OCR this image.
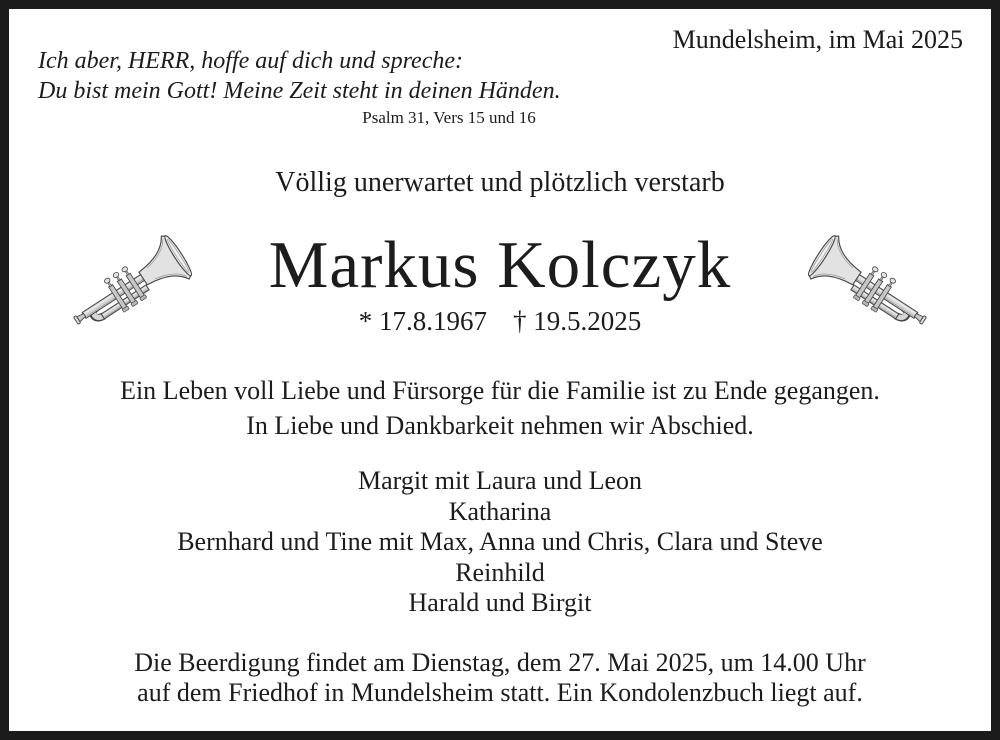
Mundelsheim, im Mai 2025
Ich aber, HERR, hoffe auf dich und spreche:
Du bist mein Gott! Meine Zeit steht in deinen Händen.
Psalm 31, Vers 15 und 16
Völlig unerwartet und plötzlich verstarb
Markus Kolczyk
* 17.8.1967 † 19.5.2025
Ein Leben voll Liebe und Fürsorge für die Familie ist zu Ende gegangen.
In Liebe und Dankbarkeit nehmen wir Abschied.
Margit mit Laura und Leon
Katharina
Bernhard und Tine mit Max, Anna und Chris, Clara und Steve
Reinhild
Harald und Birgit
Die Beerdigung findet am Dienstag, dem 27. Mai 2025, um 14.00 Uhr
auf dem Friedhof in Mundelsheim statt. Ein Kondolenzbuch liegt auf.
